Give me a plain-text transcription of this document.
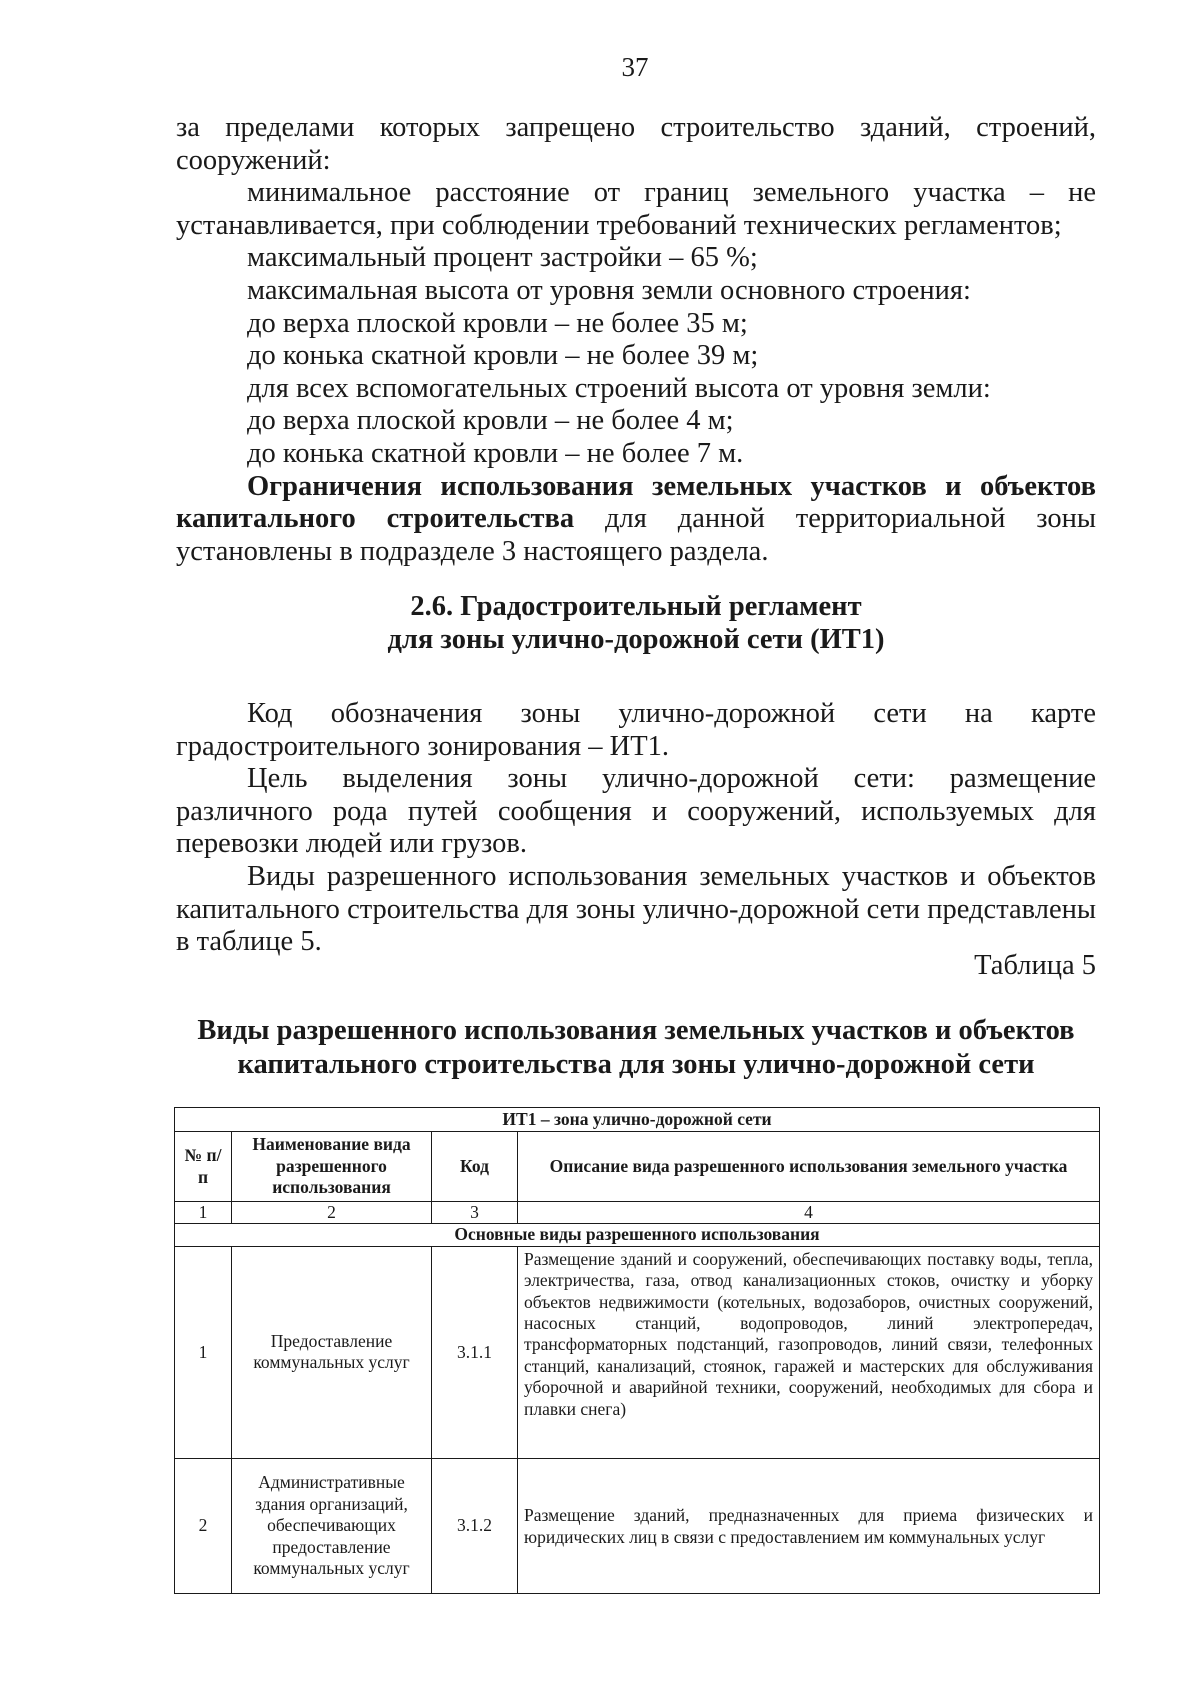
37

за пределами которых запрещено строительство зданий, строений, сооружений:

минимальное расстояние от границ земельного участка – не устанавливается, при соблюдении требований технических регламентов;

максимальный процент застройки – 65 %;

максимальная высота от уровня земли основного строения:

до верха плоской кровли – не более 35 м;

до конька скатной кровли – не более 39 м;

для всех вспомогательных строений высота от уровня земли:

до верха плоской кровли – не более 4 м;

до конька скатной кровли – не более 7 м.

Ограничения использования земельных участков и объектов капитального строительства для данной территориальной зоны установлены в подразделе 3 настоящего раздела.

2.6. Градостроительный регламент
для зоны улично-дорожной сети (ИТ1)

Код обозначения зоны улично-дорожной сети на карте градостроительного зонирования – ИТ1.

Цель выделения зоны улично-дорожной сети: размещение различного рода путей сообщения и сооружений, используемых для перевозки людей или грузов.

Виды разрешенного использования земельных участков и объектов капитального строительства для зоны улично-дорожной сети представлены в таблице 5.

Таблица 5
Виды разрешенного использования земельных участков и объектов
капитального строительства для зоны улично-дорожной сети
ИТ1 – зона улично-дорожной сети			
№ п/п	Наименование вида разрешенного использования	Код	Описание вида разрешенного использования земельного участка
1	2	3	4
Основные виды разрешенного использования			
1	Предоставление коммунальных услуг	3.1.1	Размещение зданий и сооружений, обеспечивающих поставку воды, тепла, электричества, газа, отвод канализационных стоков, очистку и уборку объектов недвижимости (котельных, водозаборов, очистных сооружений, насосных станций, водопроводов, линий электропередач, трансформаторных подстанций, газопроводов, линий связи, телефонных станций, канализаций, стоянок, гаражей и мастерских для обслуживания уборочной и аварийной техники, сооружений, необходимых для сбора и плавки снега)
2	Административные здания организаций, обеспечивающих предоставление коммунальных услуг	3.1.2	Размещение зданий, предназначенных для приема физических и юридических лиц в связи с предоставлением им коммунальных услуг
